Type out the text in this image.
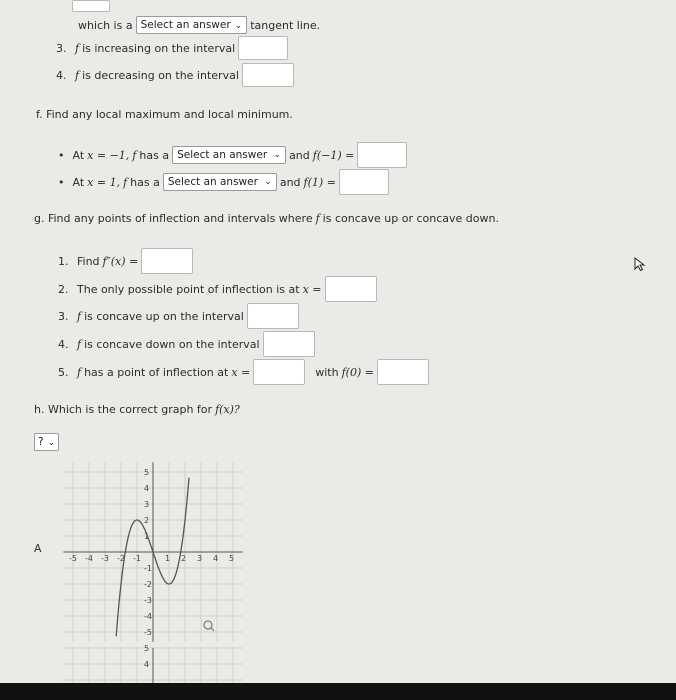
which is a Select an answer ⌄ tangent line.
3. f is increasing on the interval
4. f is decreasing on the interval
f. Find any local maximum and local minimum.
• At x = −1, f has a Select an answer ⌄ and f(−1) =
• At x = 1, f has a Select an answer ⌄ and f(1) =
g. Find any points of inflection and intervals where f is concave up or concave down.
1. Find f″(x) =
2. The only possible point of inflection is at x =
3. f is concave up on the interval
4. f is concave down on the interval
5. f has a point of inflection at x =	with f(0) =
h. Which is the correct graph for f(x)?
? ⌄
-5 -4 -3 -2 -1	1 2 3 4 5
5
4
3
2
1
-1
-2
-3
-4
-5
A
5
4
